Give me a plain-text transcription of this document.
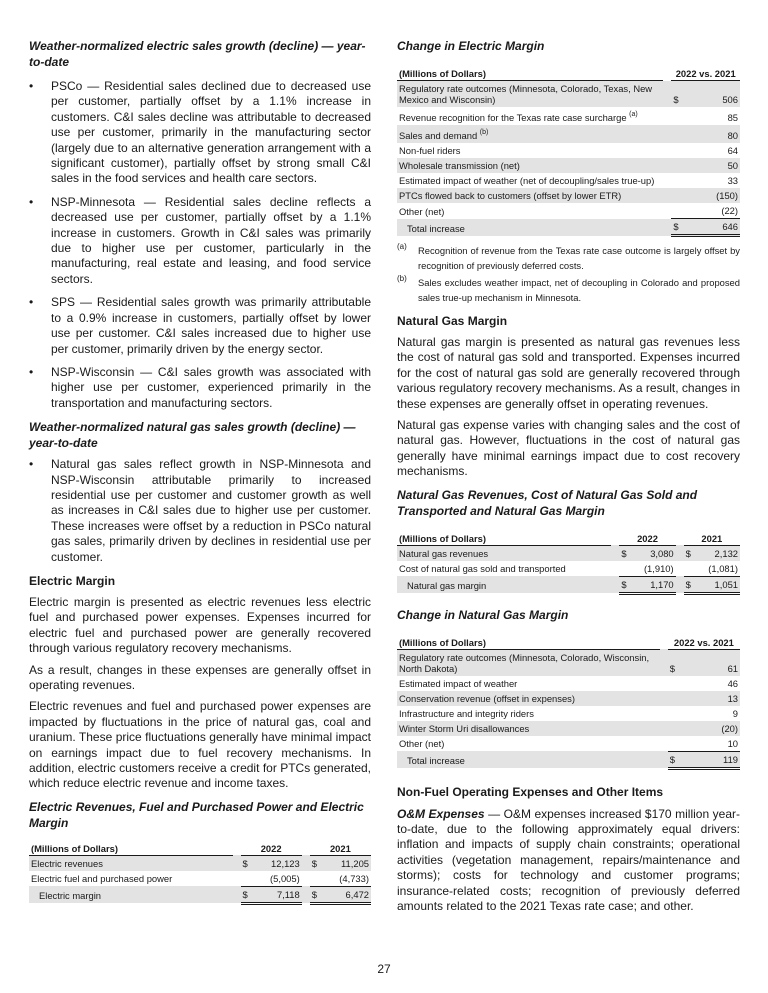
Weather-normalized electric sales growth (decline) — year-to-date
• PSCo — Residential sales declined due to decreased use per customer, partially offset by a 1.1% increase in customers. C&I sales decline was attributable to decreased use per customer, primarily in the manufacturing sector (largely due to an alternative generation arrangement with a significant customer), partially offset by strong small C&I sales in the food services and health care sectors.
• NSP-Minnesota — Residential sales decline reflects a decreased use per customer, partially offset by a 1.1% increase in customers. Growth in C&I sales was primarily due to higher use per customer, particularly in the manufacturing, real estate and leasing, and food service sectors.
• SPS — Residential sales growth was primarily attributable to a 0.9% increase in customers, partially offset by lower use per customer. C&I sales increased due to higher use per customer, primarily driven by the energy sector.
• NSP-Wisconsin — C&I sales growth was associated with higher use per customer, experienced primarily in the transportation and manufacturing sectors.
Weather-normalized natural gas sales growth (decline) — year-to-date
• Natural gas sales reflect growth in NSP-Minnesota and NSP-Wisconsin attributable primarily to increased residential use per customer and customer growth as well as increases in C&I sales due to higher use per customer. These increases were offset by a reduction in PSCo natural gas sales, primarily driven by declines in residential use per customer.
Electric Margin

Electric margin is presented as electric revenues less electric fuel and purchased power expenses. Expenses incurred for electric fuel and purchased power are generally recovered through various regulatory recovery mechanisms.

As a result, changes in these expenses are generally offset in operating revenues.

Electric revenues and fuel and purchased power expenses are impacted by fluctuations in the price of natural gas, coal and uranium. These price fluctuations generally have minimal impact on earnings impact due to fuel recovery mechanisms. In addition, electric customers receive a credit for PTCs generated, which reduce electric revenue and income taxes.

Electric Revenues, Fuel and Purchased Power and Electric Margin
(Millions of Dollars)		2022			2021	
Electric revenues		$	12,123		$	11,205
Electric fuel and purchased power			(5,005)			(4,733)
Electric margin		$	7,118		$	6,472
Change in Electric Margin
(Millions of Dollars)		2022 vs. 2021	
Regulatory rate outcomes (Minnesota, Colorado, Texas, New Mexico and Wisconsin)		$	506
Revenue recognition for the Texas rate case surcharge $^{(a)}$			85
Sales and demand $^{(b)}$			80
Non-fuel riders			64
Wholesale transmission (net)			50
Estimated impact of weather (net of decoupling/sales true-up)			33
PTCs flowed back to customers (offset by lower ETR)			(150)
Other (net)			(22)
Total increase		$	646
(a) Recognition of revenue from the Texas rate case outcome is largely offset by recognition of previously deferred costs.
(b) Sales excludes weather impact, net of decoupling in Colorado and proposed sales true-up mechanism in Minnesota.
Natural Gas Margin

Natural gas margin is presented as natural gas revenues less the cost of natural gas sold and transported. Expenses incurred for the cost of natural gas sold are generally recovered through various regulatory recovery mechanisms. As a result, changes in these expenses are generally offset in operating revenues.

Natural gas expense varies with changing sales and the cost of natural gas. However, fluctuations in the cost of natural gas generally have minimal earnings impact due to cost recovery mechanisms.

Natural Gas Revenues, Cost of Natural Gas Sold and Transported and Natural Gas Margin
(Millions of Dollars)		2022			2021	
Natural gas revenues		$	3,080		$	2,132
Cost of natural gas sold and transported			(1,910)			(1,081)
Natural gas margin		$	1,170		$	1,051
Change in Natural Gas Margin
(Millions of Dollars)		2022 vs. 2021	
Regulatory rate outcomes (Minnesota, Colorado, Wisconsin, North Dakota)		$	61
Estimated impact of weather			46
Conservation revenue (offset in expenses)			13
Infrastructure and integrity riders			9
Winter Storm Uri disallowances			(20)
Other (net)			10
Total increase		$	119
Non-Fuel Operating Expenses and Other Items

O&M Expenses — O&M expenses increased $170 million year-to-date, due to the following approximately equal drivers: inflation and impacts of supply chain constraints; operational activities (vegetation management, repairs/maintenance and storms); costs for technology and customer programs; insurance-related costs; recognition of previously deferred amounts related to the 2021 Texas rate case; and other.

27
